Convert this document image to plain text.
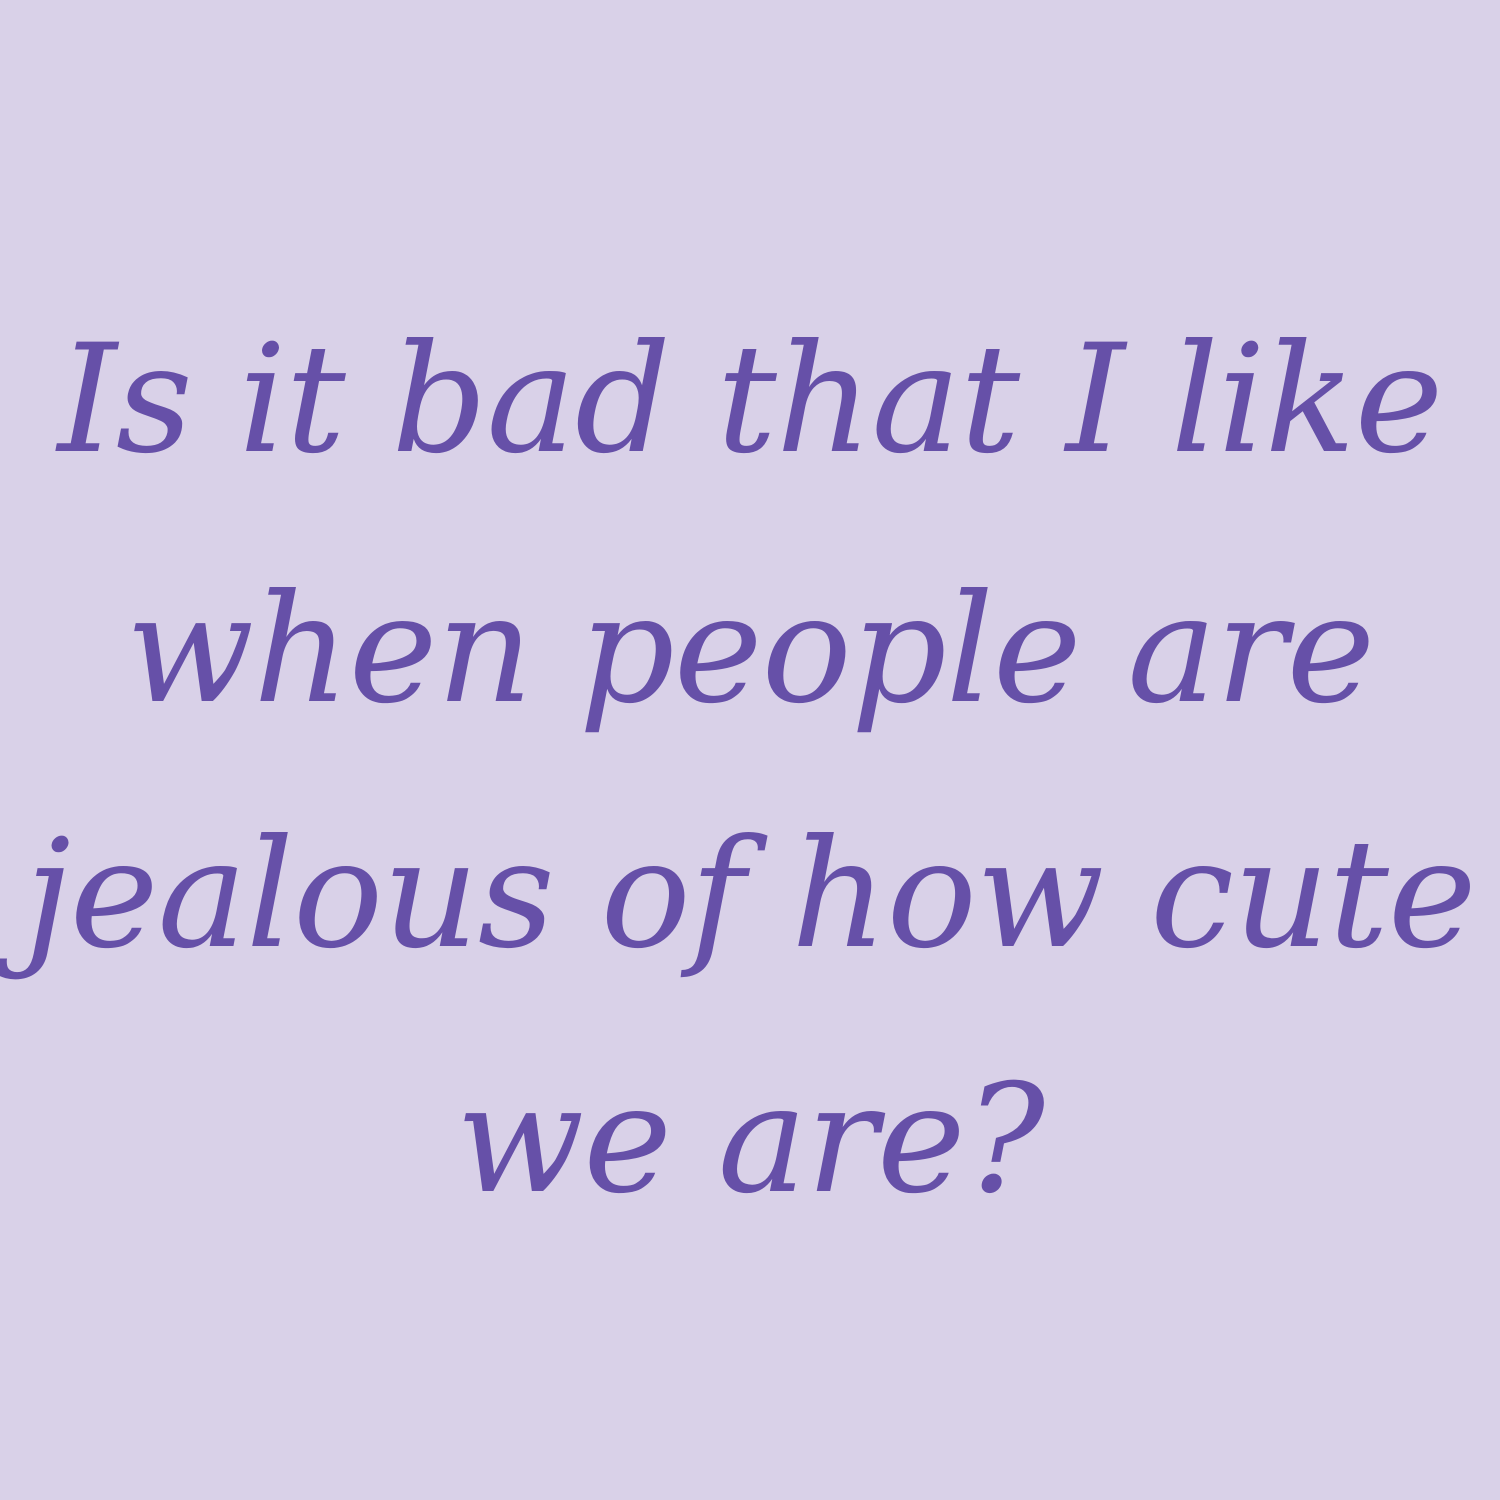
Is it bad that I like
when people are
jealous of how cute
we are?
